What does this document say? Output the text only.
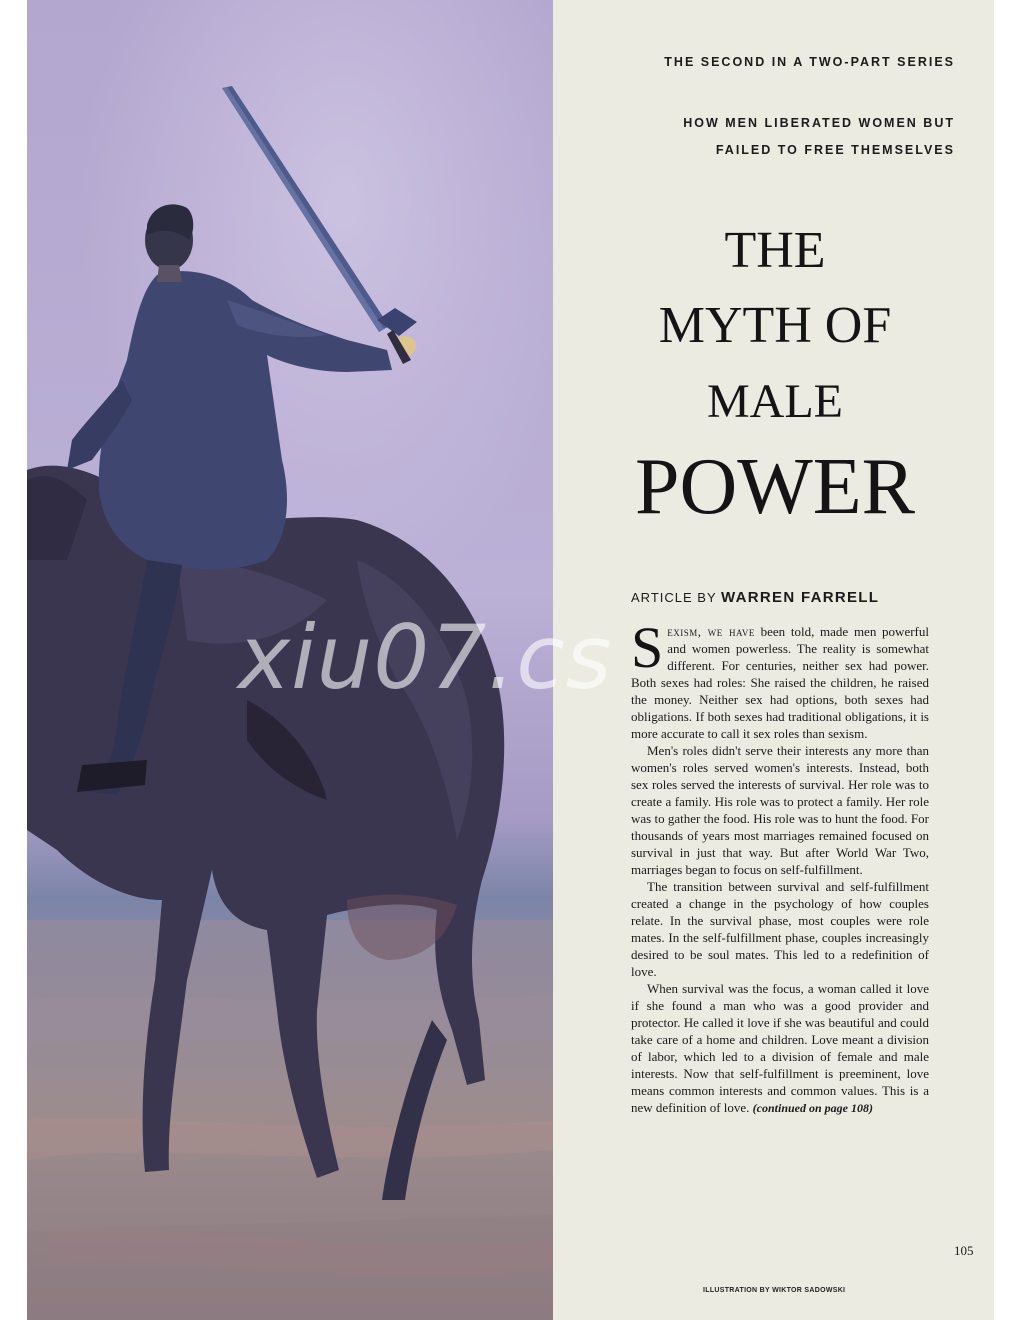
THE SECOND IN A TWO-PART SERIES
HOW MEN LIBERATED WOMEN BUT
FAILED TO FREE THEMSELVES
THE
MYTH OF
MALE
POWER
ARTICLE BY WARREN FARRELL

Sexism, we have been told, made men powerful and women powerless. The reality is somewhat different. For centuries, neither sex had power. Both sexes had roles: She raised the children, he raised the money. Neither sex had options, both sexes had obligations. If both sexes had traditional obligations, it is more accurate to call it sex roles than sexism.

Men's roles didn't serve their interests any more than women's roles served women's interests. Instead, both sex roles served the interests of survival. Her role was to create a family. His role was to protect a family. Her role was to gather the food. His role was to hunt the food. For thousands of years most marriages remained focused on survival in just that way. But after World War Two, marriages began to focus on self-fulfillment.

The transition between survival and self-fulfillment created a change in the psychology of how couples relate. In the survival phase, most couples were role mates. In the self-fulfillment phase, couples increasingly desired to be soul mates. This led to a redefinition of love.

When survival was the focus, a woman called it love if she found a man who was a good provider and protector. He called it love if she was beautiful and could take care of a home and children. Love meant a division of labor, which led to a division of female and male interests. Now that self-fulfillment is preeminent, love means common interests and common values. This is a new definition of love. (continued on page 108)

105
ILLUSTRATION BY WIKTOR SADOWSKI
xiu07.cs
